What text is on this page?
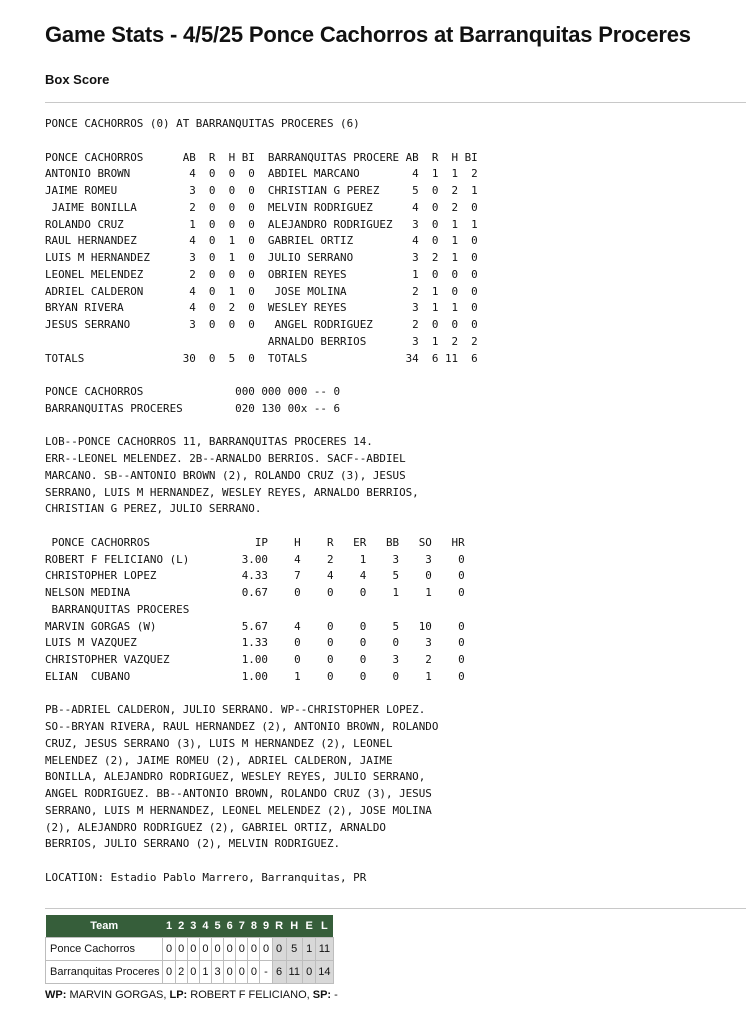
Game Stats - 4/5/25 Ponce Cachorros at Barranquitas Proceres
Box Score
PONCE CACHORROS (0) AT BARRANQUITAS PROCERES (6)

PONCE CACHORROS      AB  R  H BI  BARRANQUITAS PROCERE AB  R  H BI
ANTONIO BROWN         4  0  0  0  ABDIEL MARCANO        4  1  1  2
JAIME ROMEU           3  0  0  0  CHRISTIAN G PEREZ     5  0  2  1
JAIME BONILLA        2  0  0  0  MELVIN RODRIGUEZ      4  0  2  0
ROLANDO CRUZ          1  0  0  0  ALEJANDRO RODRIGUEZ   3  0  1  1
RAUL HERNANDEZ        4  0  1  0  GABRIEL ORTIZ         4  0  1  0
LUIS M HERNANDEZ      3  0  1  0  JULIO SERRANO         3  2  1  0
LEONEL MELENDEZ       2  0  0  0  OBRIEN REYES          1  0  0  0
ADRIEL CALDERON       4  0  1  0   JOSE MOLINA          2  1  0  0
BRYAN RIVERA          4  0  2  0  WESLEY REYES          3  1  1  0
JESUS SERRANO         3  0  0  0   ANGEL RODRIGUEZ      2  0  0  0
ARNALDO BERRIOS       3  1  2  2
TOTALS               30  0  5  0  TOTALS               34  6 11  6

PONCE CACHORROS              000 000 000 -- 0
BARRANQUITAS PROCERES        020 130 00x -- 6

LOB--PONCE CACHORROS 11, BARRANQUITAS PROCERES 14.
ERR--LEONEL MELENDEZ. 2B--ARNALDO BERRIOS. SACF--ABDIEL
MARCANO. SB--ANTONIO BROWN (2), ROLANDO CRUZ (3), JESUS
SERRANO, LUIS M HERNANDEZ, WESLEY REYES, ARNALDO BERRIOS,
CHRISTIAN G PEREZ, JULIO SERRANO.

PONCE CACHORROS                IP    H    R   ER   BB   SO   HR
ROBERT F FELICIANO (L)        3.00    4    2    1    3    3    0
CHRISTOPHER LOPEZ             4.33    7    4    4    5    0    0
NELSON MEDINA                 0.67    0    0    0    1    1    0
BARRANQUITAS PROCERES
MARVIN GORGAS (W)             5.67    4    0    0    5   10    0
LUIS M VAZQUEZ                1.33    0    0    0    0    3    0
CHRISTOPHER VAZQUEZ           1.00    0    0    0    3    2    0
ELIAN  CUBANO                 1.00    1    0    0    0    1    0

PB--ADRIEL CALDERON, JULIO SERRANO. WP--CHRISTOPHER LOPEZ.
SO--BRYAN RIVERA, RAUL HERNANDEZ (2), ANTONIO BROWN, ROLANDO
CRUZ, JESUS SERRANO (3), LUIS M HERNANDEZ (2), LEONEL
MELENDEZ (2), JAIME ROMEU (2), ADRIEL CALDERON, JAIME
BONILLA, ALEJANDRO RODRIGUEZ, WESLEY REYES, JULIO SERRANO,
ANGEL RODRIGUEZ. BB--ANTONIO BROWN, ROLANDO CRUZ (3), JESUS
SERRANO, LUIS M HERNANDEZ, LEONEL MELENDEZ (2), JOSE MOLINA
(2), ALEJANDRO RODRIGUEZ (2), GABRIEL ORTIZ, ARNALDO
BERRIOS, JULIO SERRANO (2), MELVIN RODRIGUEZ.

LOCATION: Estadio Pablo Marrero, Barranquitas, PR
Team	1	2	3	4	5	6	7	8	9	R	H	E	L
Ponce Cachorros	0	0	0	0	0	0	0	0	0	0	5	1	11
Barranquitas Proceres	0	2	0	1	3	0	0	0	-	6	11	0	14
WP: MARVIN GORGAS, LP: ROBERT F FELICIANO, SP: -
